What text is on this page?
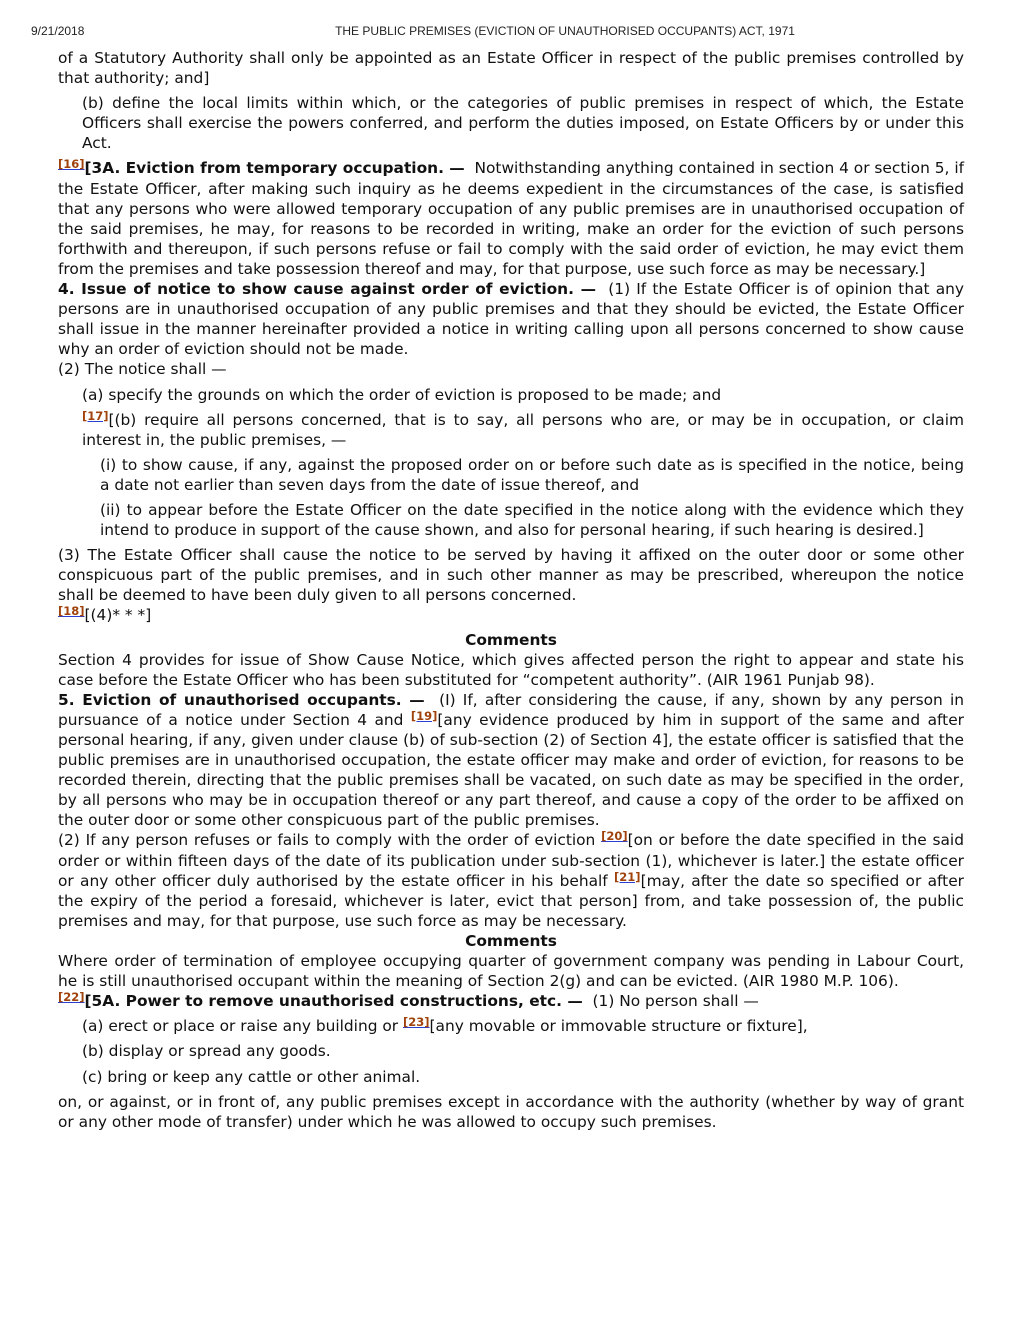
9/21/2018	THE PUBLIC PREMISES (EVICTION OF UNAUTHORISED OCCUPANTS) ACT, 1971

of a Statutory Authority shall only be appointed as an Estate Officer in respect of the public premises controlled by that authority; and]

(b) define the local limits within which, or the categories of public premises in respect of which, the Estate Officers shall exercise the powers conferred, and perform the duties imposed, on Estate Officers by or under this Act.

[16][3A. Eviction from temporary occupation. — Notwithstanding anything contained in section 4 or section 5, if the Estate Officer, after making such inquiry as he deems expedient in the circumstances of the case, is satisfied that any persons who were allowed temporary occupation of any public premises are in unauthorised occupation of the said premises, he may, for reasons to be recorded in writing, make an order for the eviction of such persons forthwith and thereupon, if such persons refuse or fail to comply with the said order of eviction, he may evict them from the premises and take possession thereof and may, for that purpose, use such force as may be necessary.]

4. Issue of notice to show cause against order of eviction. — (1) If the Estate Officer is of opinion that any persons are in unauthorised occupation of any public premises and that they should be evicted, the Estate Officer shall issue in the manner hereinafter provided a notice in writing calling upon all persons concerned to show cause why an order of eviction should not be made.

(2) The notice shall —

(a) specify the grounds on which the order of eviction is proposed to be made; and

[17][(b) require all persons concerned, that is to say, all persons who are, or may be in occupation, or claim interest in, the public premises, —

(i) to show cause, if any, against the proposed order on or before such date as is specified in the notice, being a date not earlier than seven days from the date of issue thereof, and

(ii) to appear before the Estate Officer on the date specified in the notice along with the evidence which they intend to produce in support of the cause shown, and also for personal hearing, if such hearing is desired.]

(3) The Estate Officer shall cause the notice to be served by having it affixed on the outer door or some other conspicuous part of the public premises, and in such other manner as may be prescribed, whereupon the notice shall be deemed to have been duly given to all persons concerned.

[18][(4)* * *]

Comments

Section 4 provides for issue of Show Cause Notice, which gives affected person the right to appear and state his case before the Estate Officer who has been substituted for “competent authority”. (AIR 1961 Punjab 98).

5. Eviction of unauthorised occupants. — (I) If, after considering the cause, if any, shown by any person in pursuance of a notice under Section 4 and [19][any evidence produced by him in support of the same and after personal hearing, if any, given under clause (b) of sub-section (2) of Section 4], the estate officer is satisfied that the public premises are in unauthorised occupation, the estate officer may make and order of eviction, for reasons to be recorded therein, directing that the public premises shall be vacated, on such date as may be specified in the order, by all persons who may be in occupation thereof or any part thereof, and cause a copy of the order to be affixed on the outer door or some other conspicuous part of the public premises.

(2) If any person refuses or fails to comply with the order of eviction [20][on or before the date specified in the said order or within fifteen days of the date of its publication under sub-section (1), whichever is later.] the estate officer or any other officer duly authorised by the estate officer in his behalf [21][may, after the date so specified or after the expiry of the period a foresaid, whichever is later, evict that person] from, and take possession of, the public premises and may, for that purpose, use such force as may be necessary.

Comments

Where order of termination of employee occupying quarter of government company was pending in Labour Court, he is still unauthorised occupant within the meaning of Section 2(g) and can be evicted. (AIR 1980 M.P. 106).

[22][5A. Power to remove unauthorised constructions, etc. — (1) No person shall —

(a) erect or place or raise any building or [23][any movable or immovable structure or fixture],

(b) display or spread any goods.

(c) bring or keep any cattle or other animal.

on, or against, or in front of, any public premises except in accordance with the authority (whether by way of grant or any other mode of transfer) under which he was allowed to occupy such premises.
